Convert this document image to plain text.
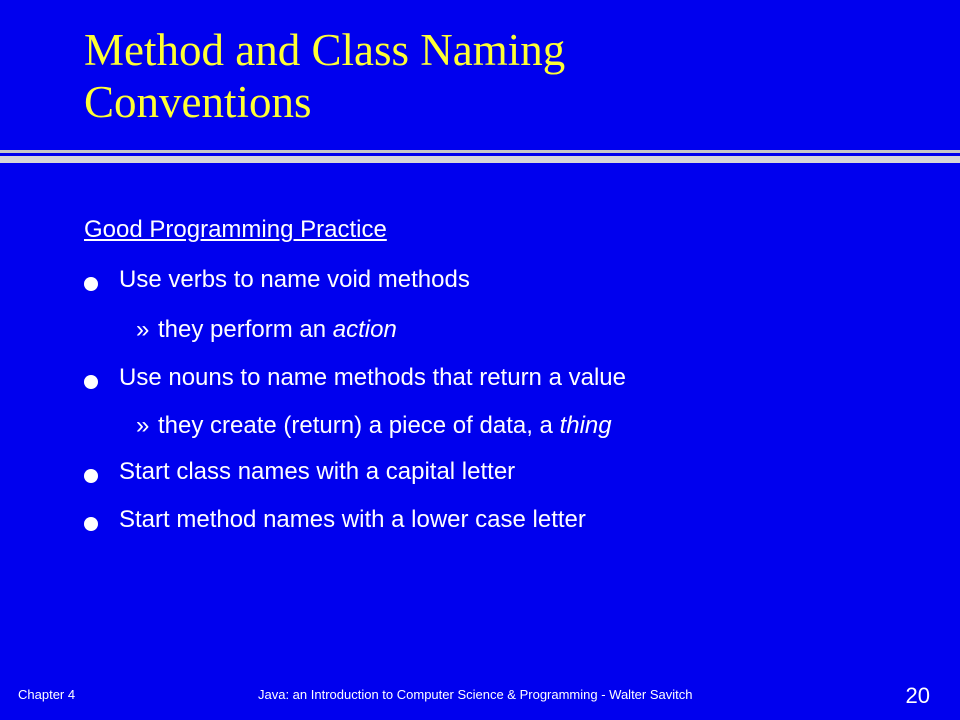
Method and Class Naming
Conventions
Good Programming Practice
Use verbs to name void methods
» they perform an action
Use nouns to name methods that return a value
» they create (return) a piece of data, a thing
Start class names with a capital letter
Start method names with a lower case letter
Chapter 4	Java: an Introduction to Computer Science & Programming - Walter Savitch	20
